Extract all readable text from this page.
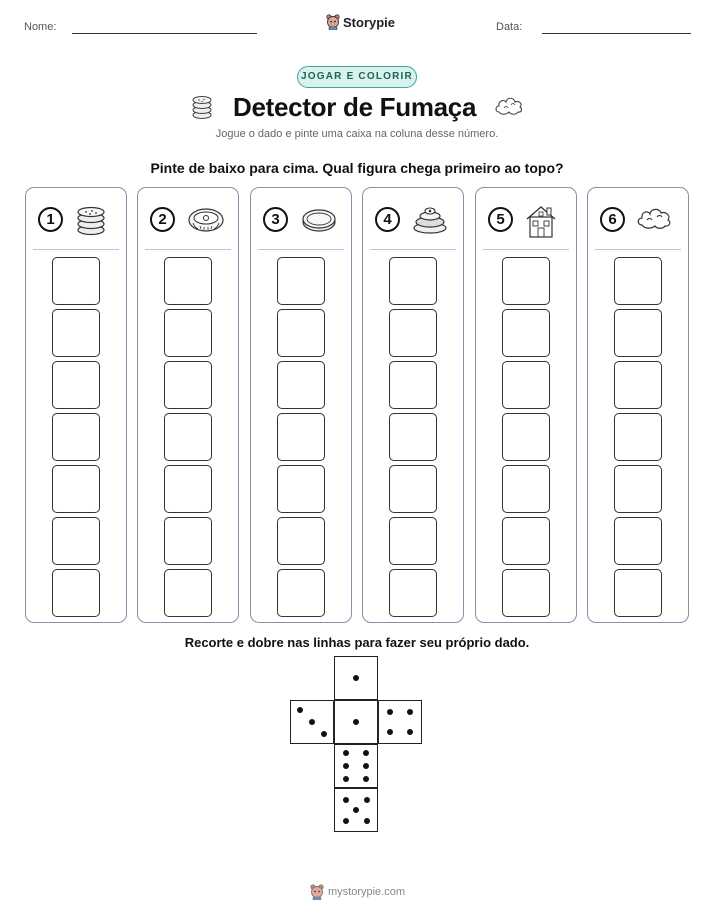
Nome:	Storypie	Data:
JOGAR E COLORIR
Detector de Fumaça
Jogue o dado e pinte uma caixa na coluna desse número.
Pinte de baixo para cima. Qual figura chega primeiro ao topo?
1	2	3	4	5	6
Recorte e dobre nas linhas para fazer seu próprio dado.
mystorypie.com
